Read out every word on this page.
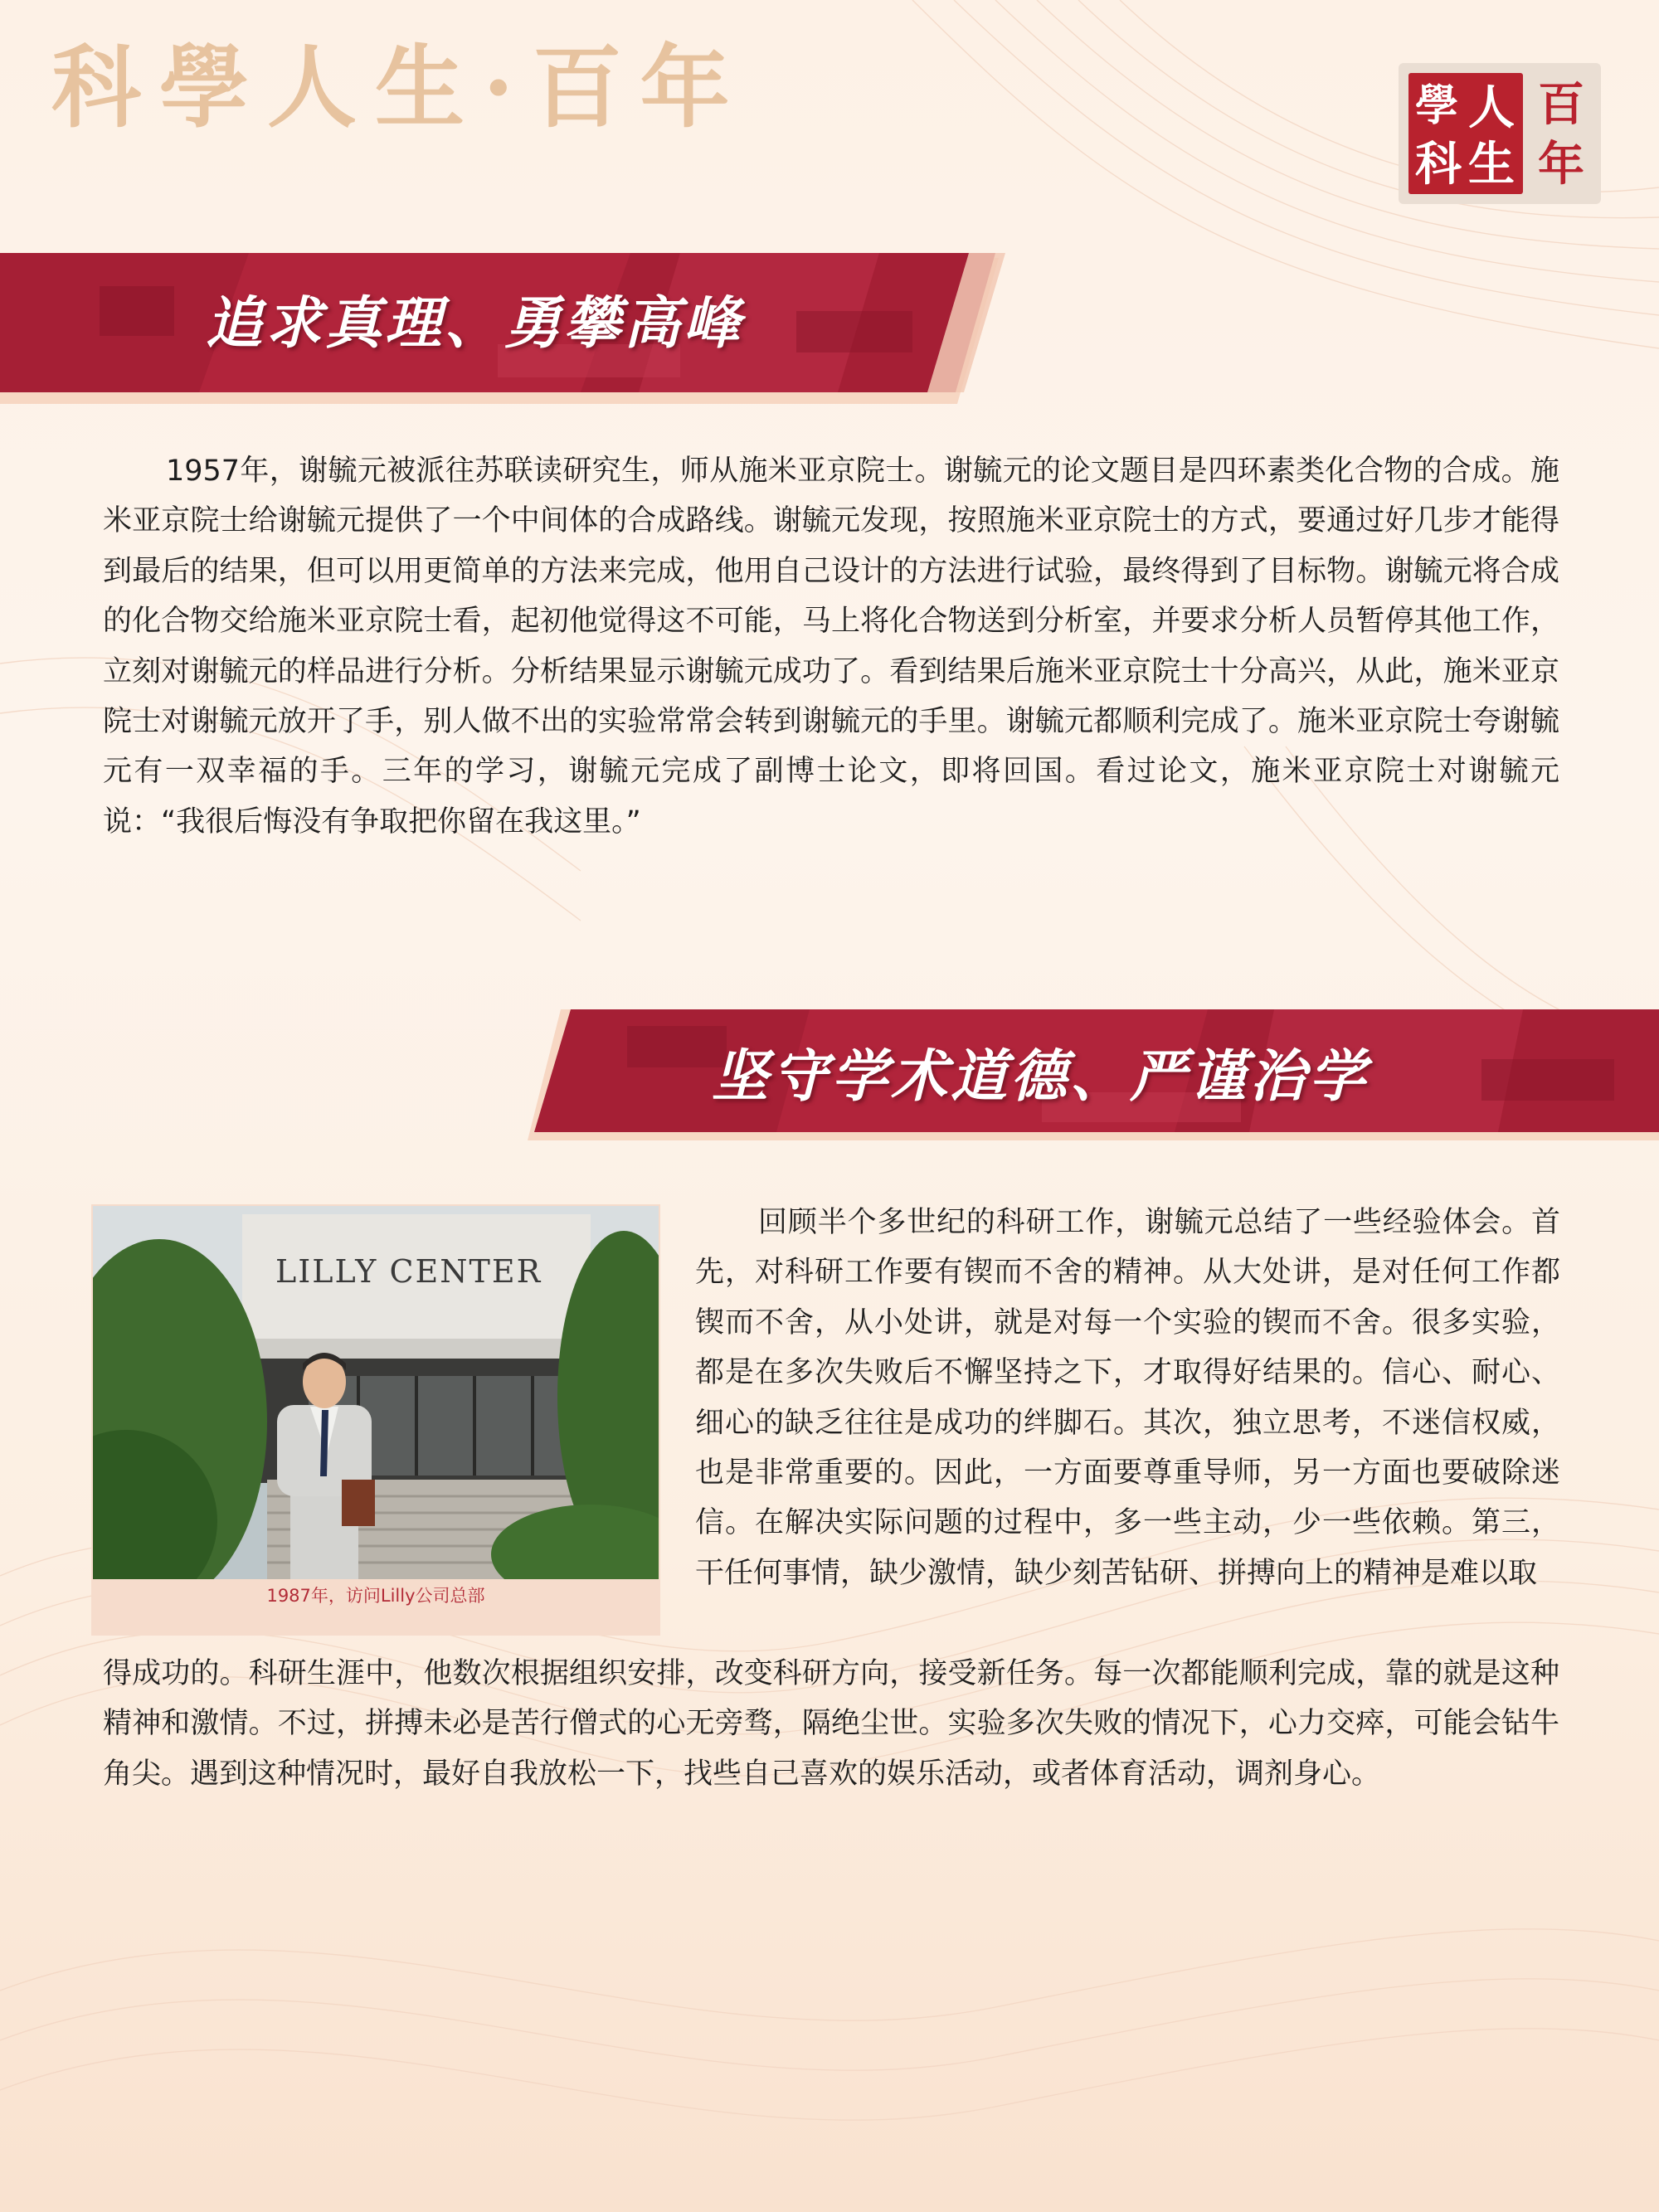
科學人生·百年
科
人
生
學 百
年
追求真理、勇攀高峰

1957年，谢毓元被派往苏联读研究生，师从施米亚京院士。谢毓元的论文题目是四环素类化合物的合成。施米亚京院士给谢毓元提供了一个中间体的合成路线。谢毓元发现，按照施米亚京院士的方式，要通过好几步才能得到最后的结果，但可以用更简单的方法来完成，他用自己设计的方法进行试验，最终得到了目标物。谢毓元将合成的化合物交给施米亚京院士看，起初他觉得这不可能，马上将化合物送到分析室，并要求分析人员暂停其他工作，立刻对谢毓元的样品进行分析。分析结果显示谢毓元成功了。看到结果后施米亚京院士十分高兴，从此，施米亚京院士对谢毓元放开了手，别人做不出的实验常常会转到谢毓元的手里。谢毓元都顺利完成了。施米亚京院士夸谢毓元有一双幸福的手。三年的学习，谢毓元完成了副博士论文，即将回国。看过论文，施米亚京院士对谢毓元说：“我很后悔没有争取把你留在我这里。”

坚守学术道德、严谨治学
LILLY CENTER
1987年，访问Lilly公司总部

回顾半个多世纪的科研工作，谢毓元总结了一些经验体会。首先，对科研工作要有锲而不舍的精神。从大处讲，是对任何工作都锲而不舍，从小处讲，就是对每一个实验的锲而不舍。很多实验，都是在多次失败后不懈坚持之下，才取得好结果的。信心、耐心、细心的缺乏往往是成功的绊脚石。其次，独立思考，不迷信权威，也是非常重要的。因此，一方面要尊重导师，另一方面也要破除迷信。在解决实际问题的过程中，多一些主动，少一些依赖。第三，干任何事情，缺少激情，缺少刻苦钻研、拼搏向上的精神是难以取

得成功的。科研生涯中，他数次根据组织安排，改变科研方向，接受新任务。每一次都能顺利完成，靠的就是这种精神和激情。不过，拼搏未必是苦行僧式的心无旁骛，隔绝尘世。实验多次失败的情况下，心力交瘁，可能会钻牛角尖。遇到这种情况时，最好自我放松一下，找些自己喜欢的娱乐活动，或者体育活动，调剂身心。
